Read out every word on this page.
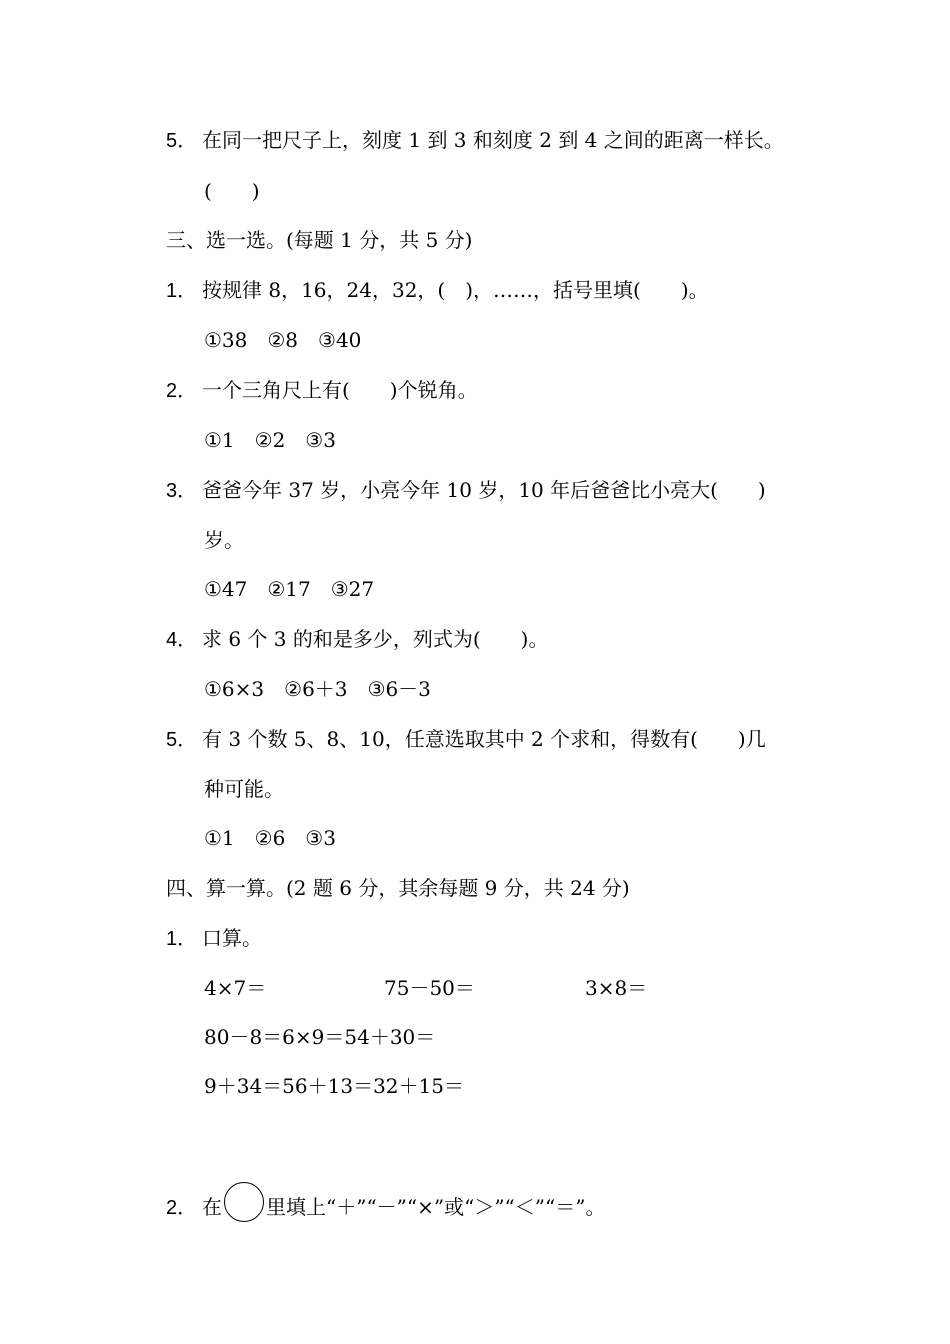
5． 在同一把尺子上，刻度 1 到 3 和刻度 2 到 4 之间的距离一样长。
(　　)
三、选一选。(每题 1 分，共 5 分)
1． 按规律 8，16，24，32，(　)，……，括号里填(　　)。
①38　②8　③40
2． 一个三角尺上有(　　)个锐角。
①1　②2　③3
3． 爸爸今年 37 岁，小亮今年 10 岁，10 年后爸爸比小亮大(　　)
岁。
①47　②17　③27
4． 求 6 个 3 的和是多少，列式为(　　)。
①6×3　②6＋3　③6－3
5． 有 3 个数 5、8、10，任意选取其中 2 个求和，得数有(　　)几
种可能。
①1　②6　③3
四、算一算。(2 题 6 分，其余每题 9 分，共 24 分)
1． 口算。
4×7＝	75－50＝	3×8＝
80－8＝6×9＝54＋30＝
9＋34＝56＋13＝32＋15＝
2． 在 里填上“＋”“－”“×”或“＞”“＜”“＝”。
